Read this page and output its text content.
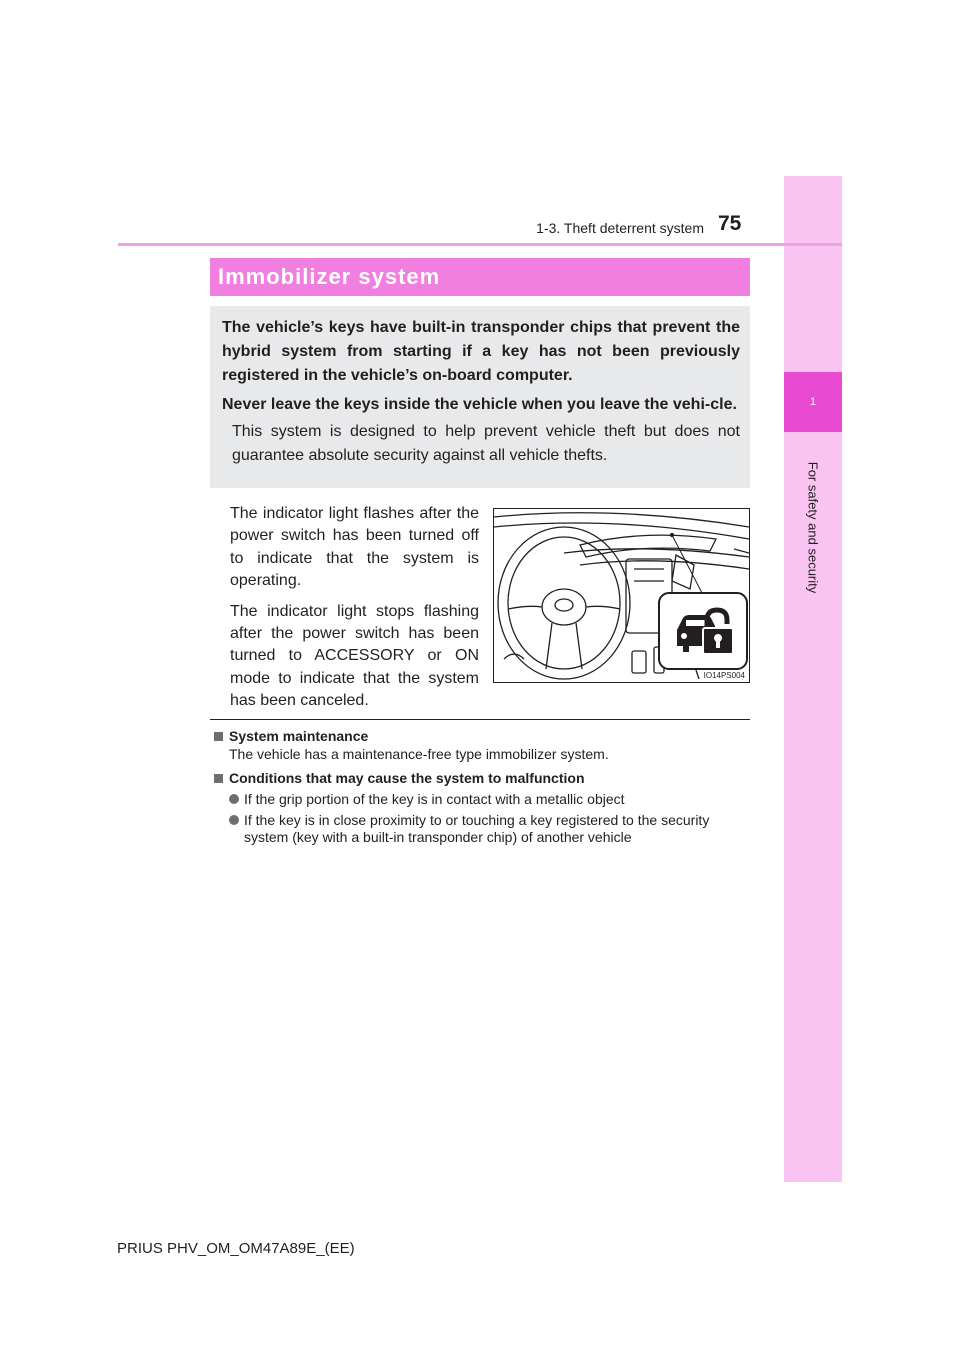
1
For safety and security
1-3. Theft deterrent system 75
Immobilizer system

The vehicle’s keys have built-in transponder chips that prevent the hybrid system from starting if a key has not been previously registered in the vehicle’s on-board computer.

Never leave the keys inside the vehicle when you leave the vehi-cle.

This system is designed to help prevent vehicle theft but does not guarantee absolute security against all vehicle thefts.

The indicator light flashes after the power switch has been turned off to indicate that the system is operating.

The indicator light stops flashing after the power switch has been turned to ACCESSORY or ON mode to indicate that the system has been canceled.

IO14PS004
System maintenance
The vehicle has a maintenance-free type immobilizer system.
Conditions that may cause the system to malfunction
If the grip portion of the key is in contact with a metallic object
If the key is in close proximity to or touching a key registered to the security system (key with a built-in transponder chip) of another vehicle
PRIUS PHV_OM_OM47A89E_(EE)
